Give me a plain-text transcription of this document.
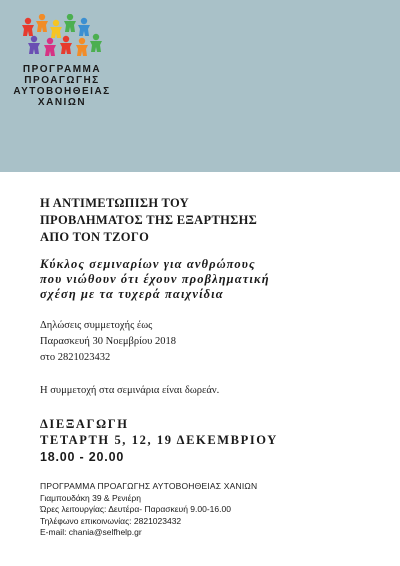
ΠΡΟΓΡΑΜΜΑ
ΠΡΟΑΓΩΓΗΣ
ΑΥΤΟΒΟΗΘΕΙΑΣ
ΧΑΝΙΩΝ
Η ΑΝΤΙΜΕΤΩΠΙΣΗ ΤΟΥ
ΠΡΟΒΛΗΜΑΤΟΣ ΤΗΣ ΕΞΑΡΤΗΣΗΣ
ΑΠΟ ΤΟΝ ΤΖΟΓΟ
Κύκλος σεμιναρίων για ανθρώπους
που νιώθουν ότι έχουν προβληματική
σχέση με τα τυχερά παιχνίδια
Δηλώσεις συμμετοχής έως
Παρασκευή 30 Νοεμβρίου 2018
στο 2821023432
Η συμμετοχή στα σεμινάρια είναι δωρεάν.
ΔΙΕΞΑΓΩΓΗ
ΤΕΤΑΡΤΗ 5, 12, 19 ΔΕΚΕΜΒΡΙΟΥ
18.00 - 20.00
ΠΡΟΓΡΑΜΜΑ ΠΡΟΑΓΩΓΗΣ ΑΥΤΟΒΟΗΘΕΙΑΣ ΧΑΝΙΩΝ
Γιαμπουδάκη 39 & Ρενιέρη
Ώρες λειτουργίας: Δευτέρα- Παρασκευή 9.00-16.00
Τηλέφωνο επικοινωνίας: 2821023432
E-mail: chania@selfhelp.gr
